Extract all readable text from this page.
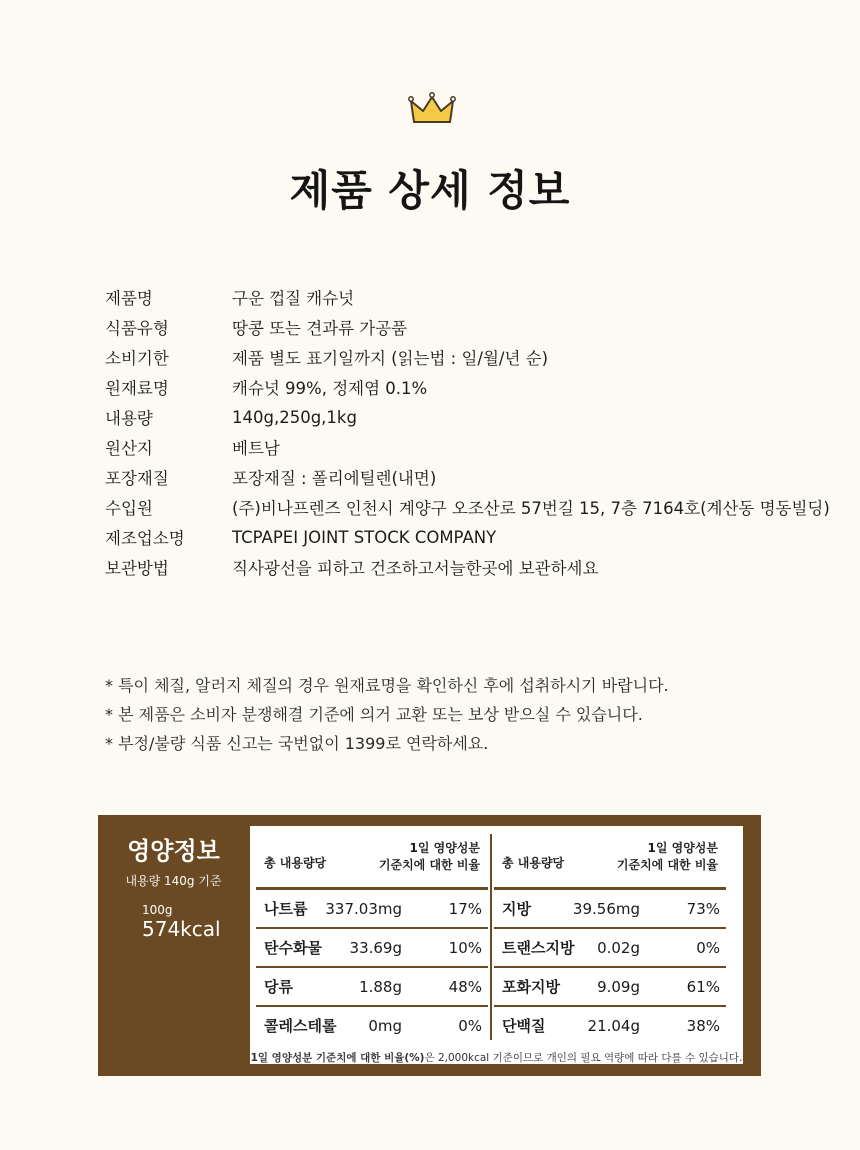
제품 상세 정보
제품명	구운 껍질 캐슈넛
식품유형	땅콩 또는 견과류 가공품
소비기한	제품 별도 표기일까지 (읽는법 : 일/월/년 순)
원재료명	캐슈넛 99%, 정제염 0.1%
내용량	140g,250g,1kg
원산지	베트남
포장재질	포장재질 : 폴리에틸렌(내면)
수입원	(주)비나프렌즈 인천시 계양구 오조산로 57번길 15, 7층 7164호(계산동 명동빌딩)
제조업소명	TCPAPEI JOINT STOCK COMPANY
보관방법	직사광선을 피하고 건조하고서늘한곳에 보관하세요
* 특이 체질, 알러지 체질의 경우 원재료명을 확인하신 후에 섭취하시기 바랍니다.
* 본 제품은 소비자 분쟁해결 기준에 의거 교환 또는 보상 받으실 수 있습니다.
* 부정/불량 식품 신고는 국번없이 1399로 연락하세요.
영양정보
내용량 140g 기준
100g
574kcal
총 내용량당
1일 영양성분
기준치에 대한 비율
나트륨	337.03mg	17%
탄수화물	33.69g	10%
당류	1.88g	48%
콜레스테롤	0mg	0%
총 내용량당
1일 영양성분
기준치에 대한 비율
지방	39.56mg	73%
트랜스지방	0.02g	0%
포화지방	9.09g	61%
단백질	21.04g	38%
1일 영양성분 기준치에 대한 비율(%)은 2,000kcal 기준이므로 개인의 필요 역량에 따라 다를 수 있습니다.
